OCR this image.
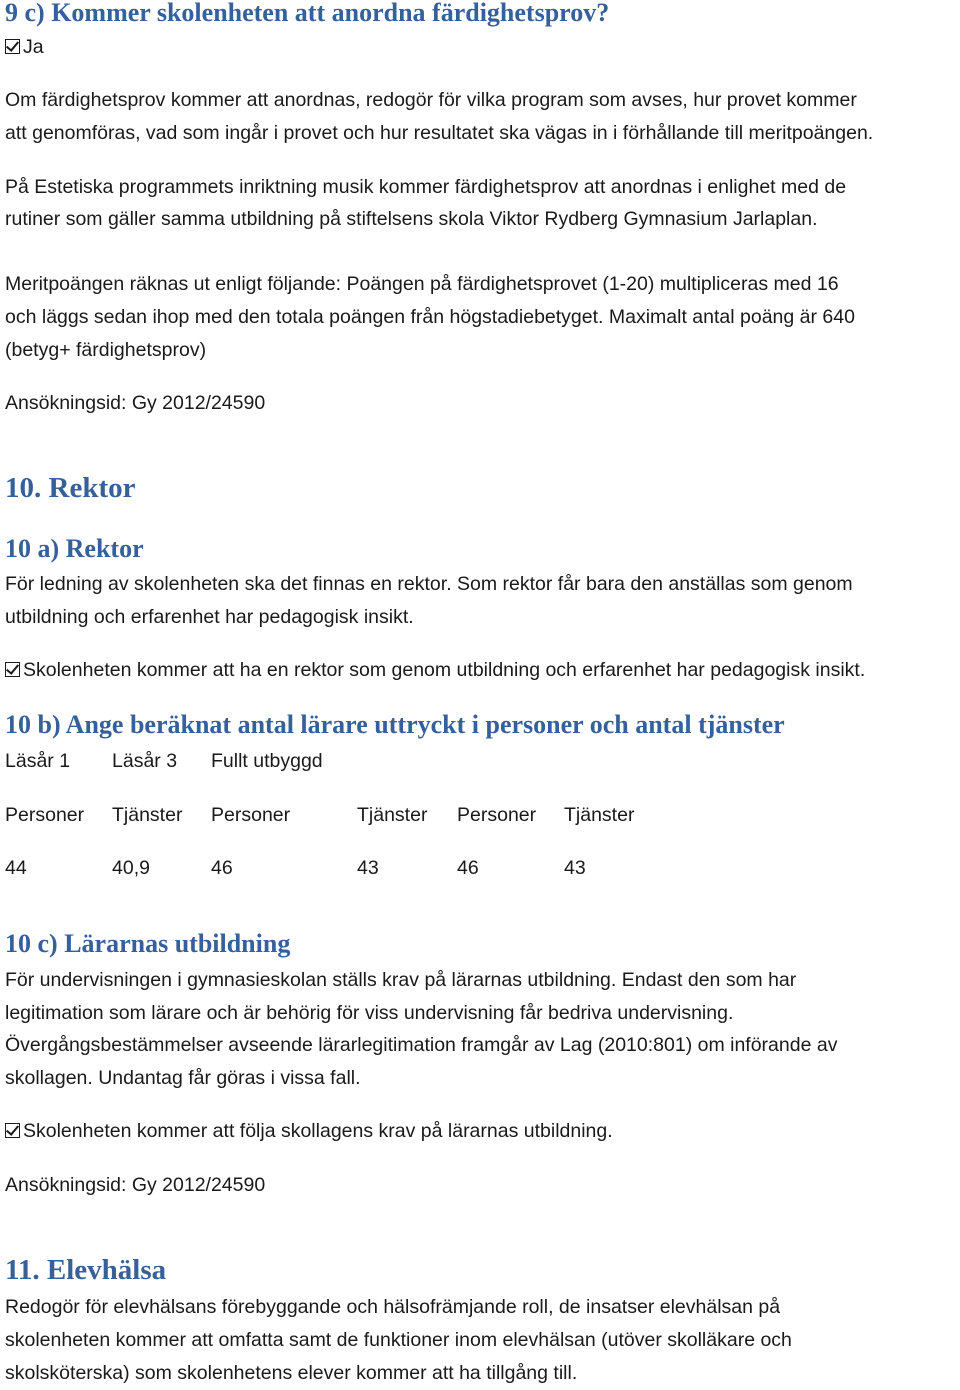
9 c) Kommer skolenheten att anordna färdighetsprov?
Ja
Om färdighetsprov kommer att anordnas, redogör för vilka program som avses, hur provet kommer
att genomföras, vad som ingår i provet och hur resultatet ska vägas in i förhållande till meritpoängen.
På Estetiska programmets inriktning musik kommer färdighetsprov att anordnas i enlighet med de
rutiner som gäller samma utbildning på stiftelsens skola Viktor Rydberg Gymnasium Jarlaplan.
Meritpoängen räknas ut enligt följande: Poängen på färdighetsprovet (1-20) multipliceras med 16
och läggs sedan ihop med den totala poängen från högstadiebetyget. Maximalt antal poäng är 640
(betyg+ färdighetsprov)
Ansökningsid: Gy 2012/24590
10. Rektor
10 a) Rektor
För ledning av skolenheten ska det finnas en rektor. Som rektor får bara den anställas som genom
utbildning och erfarenhet har pedagogisk insikt.
Skolenheten kommer att ha en rektor som genom utbildning och erfarenhet har pedagogisk insikt.
10 b) Ange beräknat antal lärare uttryckt i personer och antal tjänster
Läsår 1 Läsår 3 Fullt utbyggd
Personer Tjänster Personer	Tjänster Personer Tjänster
44	40,9	46	43	46	43
10 c) Lärarnas utbildning
För undervisningen i gymnasieskolan ställs krav på lärarnas utbildning. Endast den som har
legitimation som lärare och är behörig för viss undervisning får bedriva undervisning.
Övergångsbestämmelser avseende lärarlegitimation framgår av Lag (2010:801) om införande av
skollagen. Undantag får göras i vissa fall.
Skolenheten kommer att följa skollagens krav på lärarnas utbildning.
Ansökningsid: Gy 2012/24590
11. Elevhälsa
Redogör för elevhälsans förebyggande och hälsofrämjande roll, de insatser elevhälsan på
skolenheten kommer att omfatta samt de funktioner inom elevhälsan (utöver skolläkare och
skolsköterska) som skolenhetens elever kommer att ha tillgång till.
